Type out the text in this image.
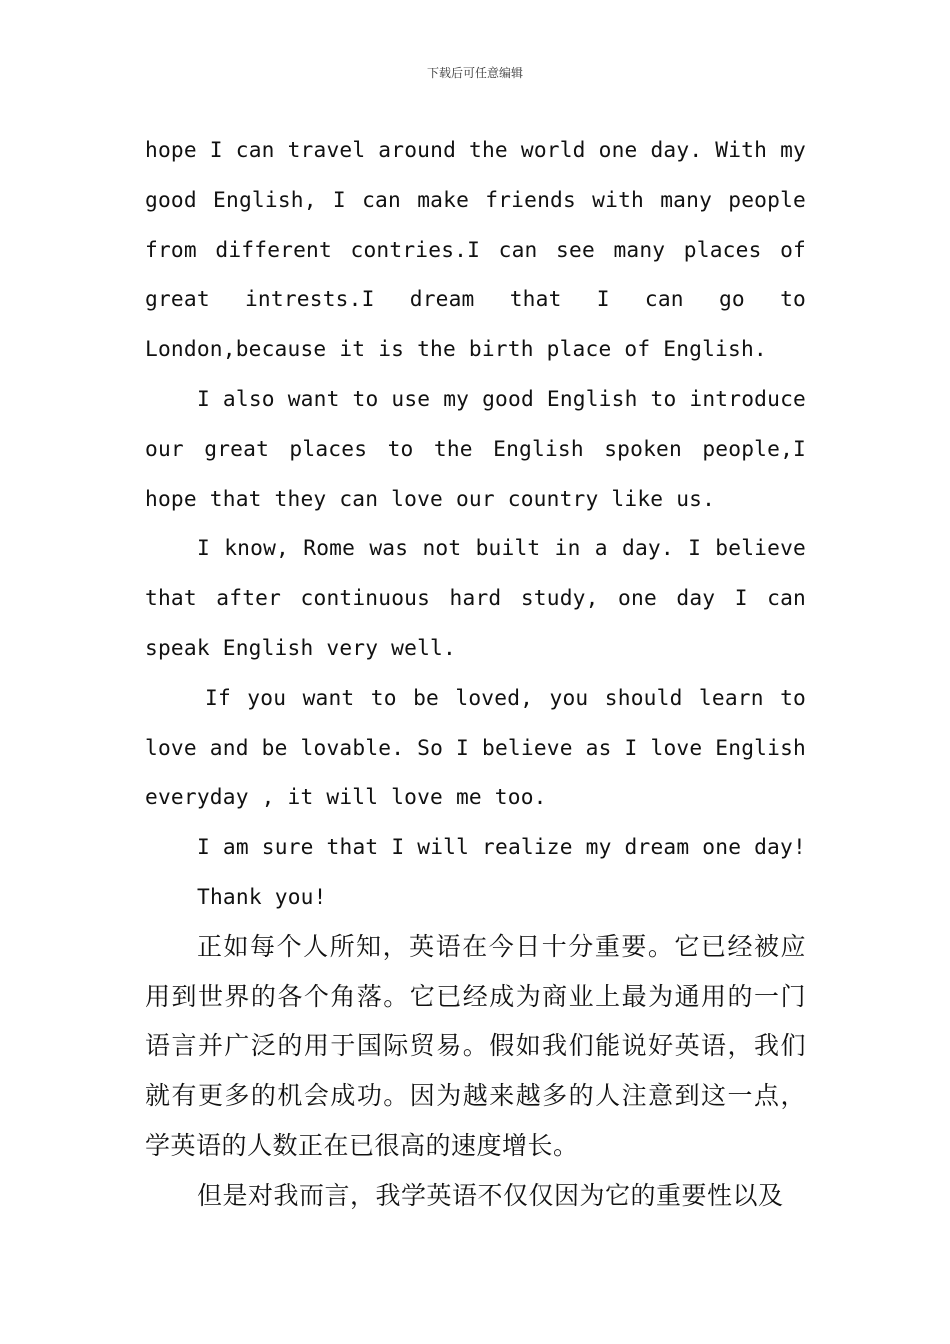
下载后可任意编辑

hope I can travel around the world one day. With my good English, I can make friends with many people from different contries.I can see many places of great intrests.I dream that I can go to London,because it is the birth place of English.

I also want to use my good English to introduce our great places to the English spoken people,I hope that they can love our country like us.

I know, Rome was not built in a day. I believe that after continuous hard study, one day I can speak English very well.

If you want to be loved, you should learn to love and be lovable. So I believe as I love English everyday , it will love me too.

I am sure that I will realize my dream one day!

Thank you!

正如每个人所知，英语在今日十分重要。它已经被应用到世界的各个角落。它已经成为商业上最为通用的一门语言并广泛的用于国际贸易。假如我们能说好英语，我们就有更多的机会成功。因为越来越多的人注意到这一点，学英语的人数正在已很高的速度增长。

但是对我而言，我学英语不仅仅因为它的重要性以及
